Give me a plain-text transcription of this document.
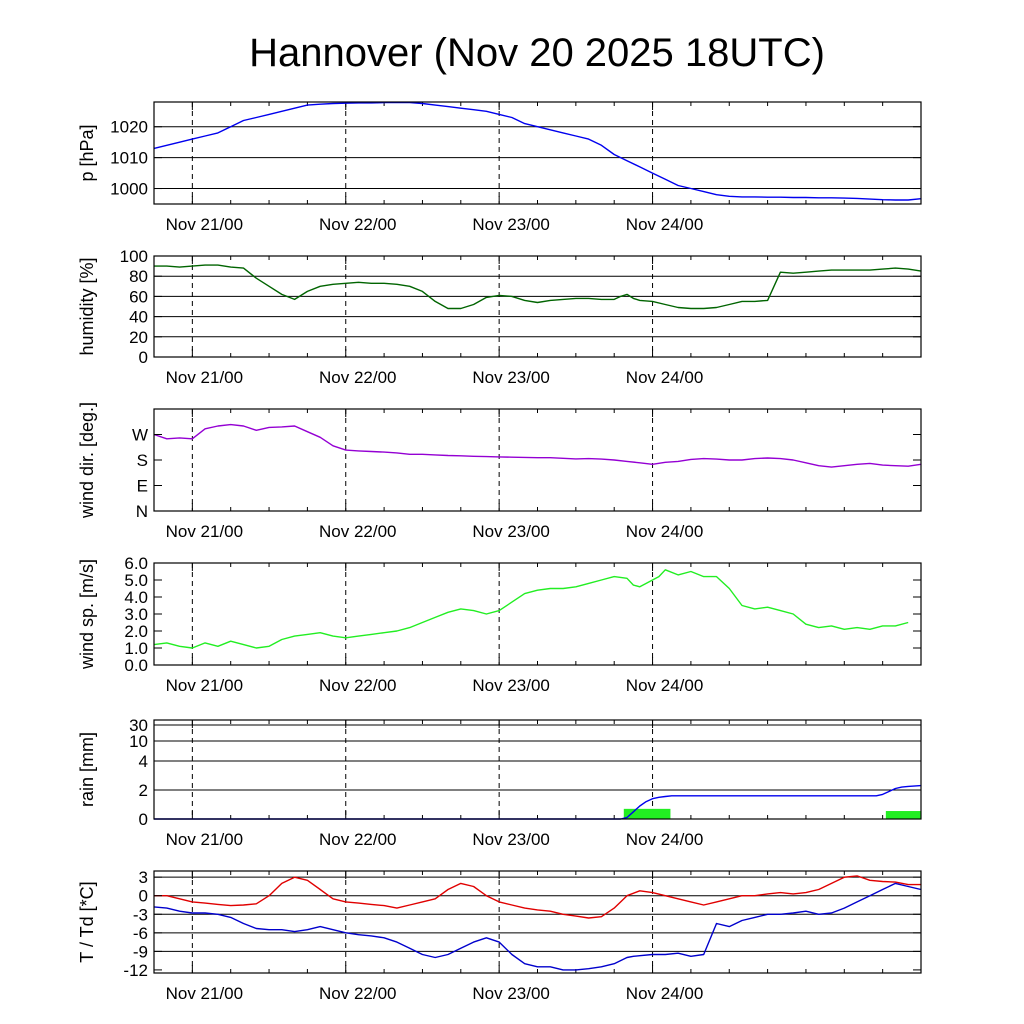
Hannover (Nov 20 2025 18UTC)
1000
1010
1020
p [hPa]
Nov 21/00	Nov 22/00	Nov 23/00	Nov 24/00
0
20
40
60
80
100
humidity [%]
Nov 21/00	Nov 22/00	Nov 23/00	Nov 24/00
N
E
S
W
wind dir. [deg.]
Nov 21/00	Nov 22/00	Nov 23/00	Nov 24/00
0.0
1.0
2.0
3.0
4.0
5.0
6.0
wind sp. [m/s]
Nov 21/00	Nov 22/00	Nov 23/00	Nov 24/00
0
2
4
10
30
rain [mm]
Nov 21/00	Nov 22/00	Nov 23/00	Nov 24/00
-12
-9
-6
-3
0
3
T / Td [*C]
Nov 21/00	Nov 22/00	Nov 23/00	Nov 24/00
